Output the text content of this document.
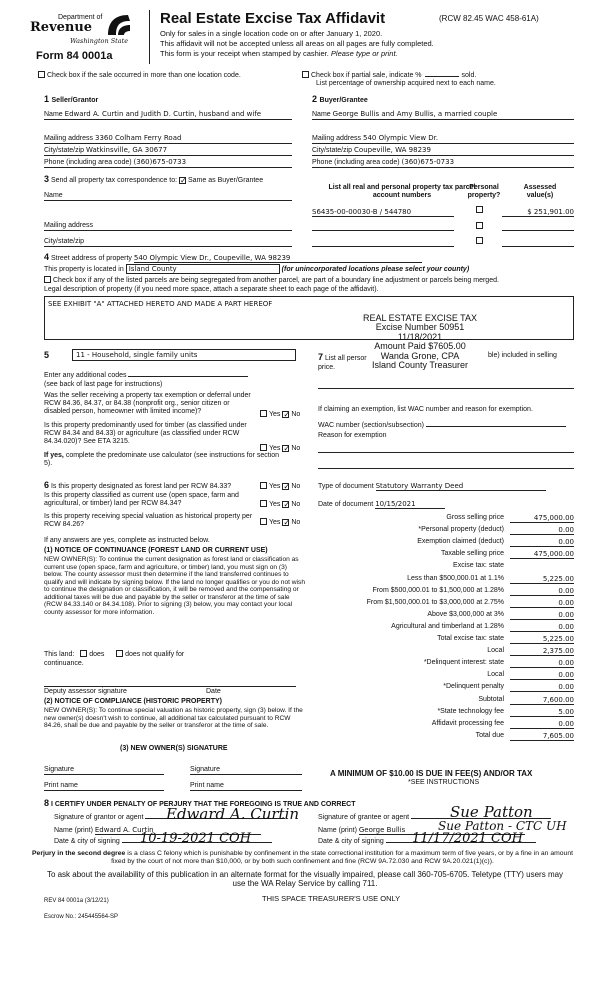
Department of
Revenue
Washington State
Form 84 0001a
Real Estate Excise Tax Affidavit	(RCW 82.45 WAC 458-61A)
Only for sales in a single location code on or after January 1, 2020.
This affidavit will not be accepted unless all areas on all pages are fully completed.
This form is your receipt when stamped by cashier. Please type or print.
Check box if the sale occurred in more than one location code.	Check box if partial sale, indicate %	sold.
List percentage of ownership acquired next to each name.
1 Seller/Grantor
Name Edward A. Curtin and Judith D. Curtin, husband and wife
Mailing address 3360 Colham Ferry Road
City/state/zip Watkinsville, GA 30677
Phone (including area code) (360)675-0733
2 Buyer/Grantee
Name George Bullis and Amy Bullis, a married couple
Mailing address 540 Olympic View Dr.
City/state/zip Coupeville, WA 98239
Phone (including area code) (360)675-0733
3 Send all property tax correspondence to: ✓ Same as Buyer/Grantee
Name
Mailing address
City/state/zip
List all real and personal property tax parcel account numbers
Personal property?
Assessed value(s)
S6435-00-00030-B / 544780	$ 251,901.00
4 Street address of property 540 Olympic View Dr., Coupeville, WA 98239
This property is located in Island County	(for unincorporated locations please select your county)
Check box if any of the listed parcels are being segregated from another parcel, are part of a boundary line adjustment or parcels being merged.
Legal description of property (if you need more space, attach a separate sheet to each page of the affidavit).
SEE EXHIBIT "A" ATTACHED HERETO AND MADE A PART HEREOF
REAL ESTATE EXCISE TAX
Excise Number 50951
11/18/2021
Amount Paid $7605.00
Wanda Grone, CPA
Island County Treasurer
5	11 - Household, single family units
Enter any additional codes
(see back of last page for instructions)
Was the seller receiving a property tax exemption or deferral under RCW 84.36, 84.37, or 84.38 (nonprofit org., senior citizen or disabled person, homeowner with limited income)?	Yes ✓ No
Is this property predominantly used for timber (as classified under RCW 84.34 and 84.33) or agriculture (as classified under RCW 84.34.020)? See ETA 3215.
Yes ✓ No
If yes, complete the predominate use calculator (see instructions for section 5).
7 List all persor	ble) included in selling
price.
If claiming an exemption, list WAC number and reason for exemption.
WAC number (section/subsection)
Reason for exemption
6 Is this property designated as forest land per RCW 84.33?	Yes ✓ No
Is this property classified as current use (open space, farm and agricultural, or timber) land per RCW 84.34?	Yes ✓ No
Is this property receiving special valuation as historical property per RCW 84.26?	Yes ✓ No
If any answers are yes, complete as instructed below.
(1) NOTICE OF CONTINUANCE (FOREST LAND OR CURRENT USE)
NEW OWNER(S): To continue the current designation as forest land or classification as current use (open space, farm and agriculture, or timber) land, you must sign on (3) below. The county assessor must then determine if the land transferred continues to qualify and will indicate by signing below. If the land no longer qualifies or you do not wish to continue the designation or classification, it will be removed and the compensating or additional taxes will be due and payable by the seller or transferor at the time of sale (RCW 84.33.140 or 84.34.108). Prior to signing (3) below, you may contact your local county assessor for more information.
This land: does	does not qualify for
continuance.
Deputy assessor signature	Date
(2) NOTICE OF COMPLIANCE (HISTORIC PROPERTY)
NEW OWNER(S): To continue special valuation as historic property, sign (3) below. If the new owner(s) doesn't wish to continue, all additional tax calculated pursuant to RCW 84.26, shall be due and payable by the seller or transferor at the time of sale.
(3) NEW OWNER(S) SIGNATURE
Signature	Signature
Print name	Print name
Type of document Statutory Warranty Deed
Date of document 10/15/2021
Gross selling price	475,000.00
*Personal property (deduct)	0.00
Exemption claimed (deduct)	0.00
Taxable selling price	475,000.00
Excise tax: state
Less than $500,000.01 at 1.1%	5,225.00
From $500,000.01 to $1,500,000 at 1.28%	0.00
From $1,500,000.01 to $3,000,000 at 2.75%	0.00
Above $3,000,000 at 3%	0.00
Agricultural and timberland at 1.28%	0.00
Total excise tax: state	5,225.00
Local	2,375.00
*Delinquent interest: state	0.00
Local	0.00
*Delinquent penalty	0.00
Subtotal	7,600.00
*State technology fee	5.00
Affidavit processing fee	0.00
Total due	7,605.00
A MINIMUM OF $10.00 IS DUE IN FEE(S) AND/OR TAX
*SEE INSTRUCTIONS
8 I CERTIFY UNDER PENALTY OF PERJURY THAT THE FOREGOING IS TRUE AND CORRECT
Signature of grantor or agent	Edward A. Curtin
Name (print) Edward A. Curtin
Date & city of signing	10-19-2021 COH
Signature of grantee or agent	Sue Patton
Name (print) George Bullis	Sue Patton - CTC UH
Date & city of signing	11/17/2021 COH
Perjury in the second degree is a class C felony which is punishable by confinement in the state correctional institution for a maximum term of five years, or by a fine in an amount fixed by the court of not more than $10,000, or by both such confinement and fine (RCW 9A.72.030 and RCW 9A.20.021(1)(c)).
To ask about the availability of this publication in an alternate format for the visually impaired, please call 360-705-6705. Teletype (TTY) users may use the WA Relay Service by calling 711.
REV 84 0001a (3/12/21)	THIS SPACE TREASURER'S USE ONLY
Escrow No.: 245445564-SP
